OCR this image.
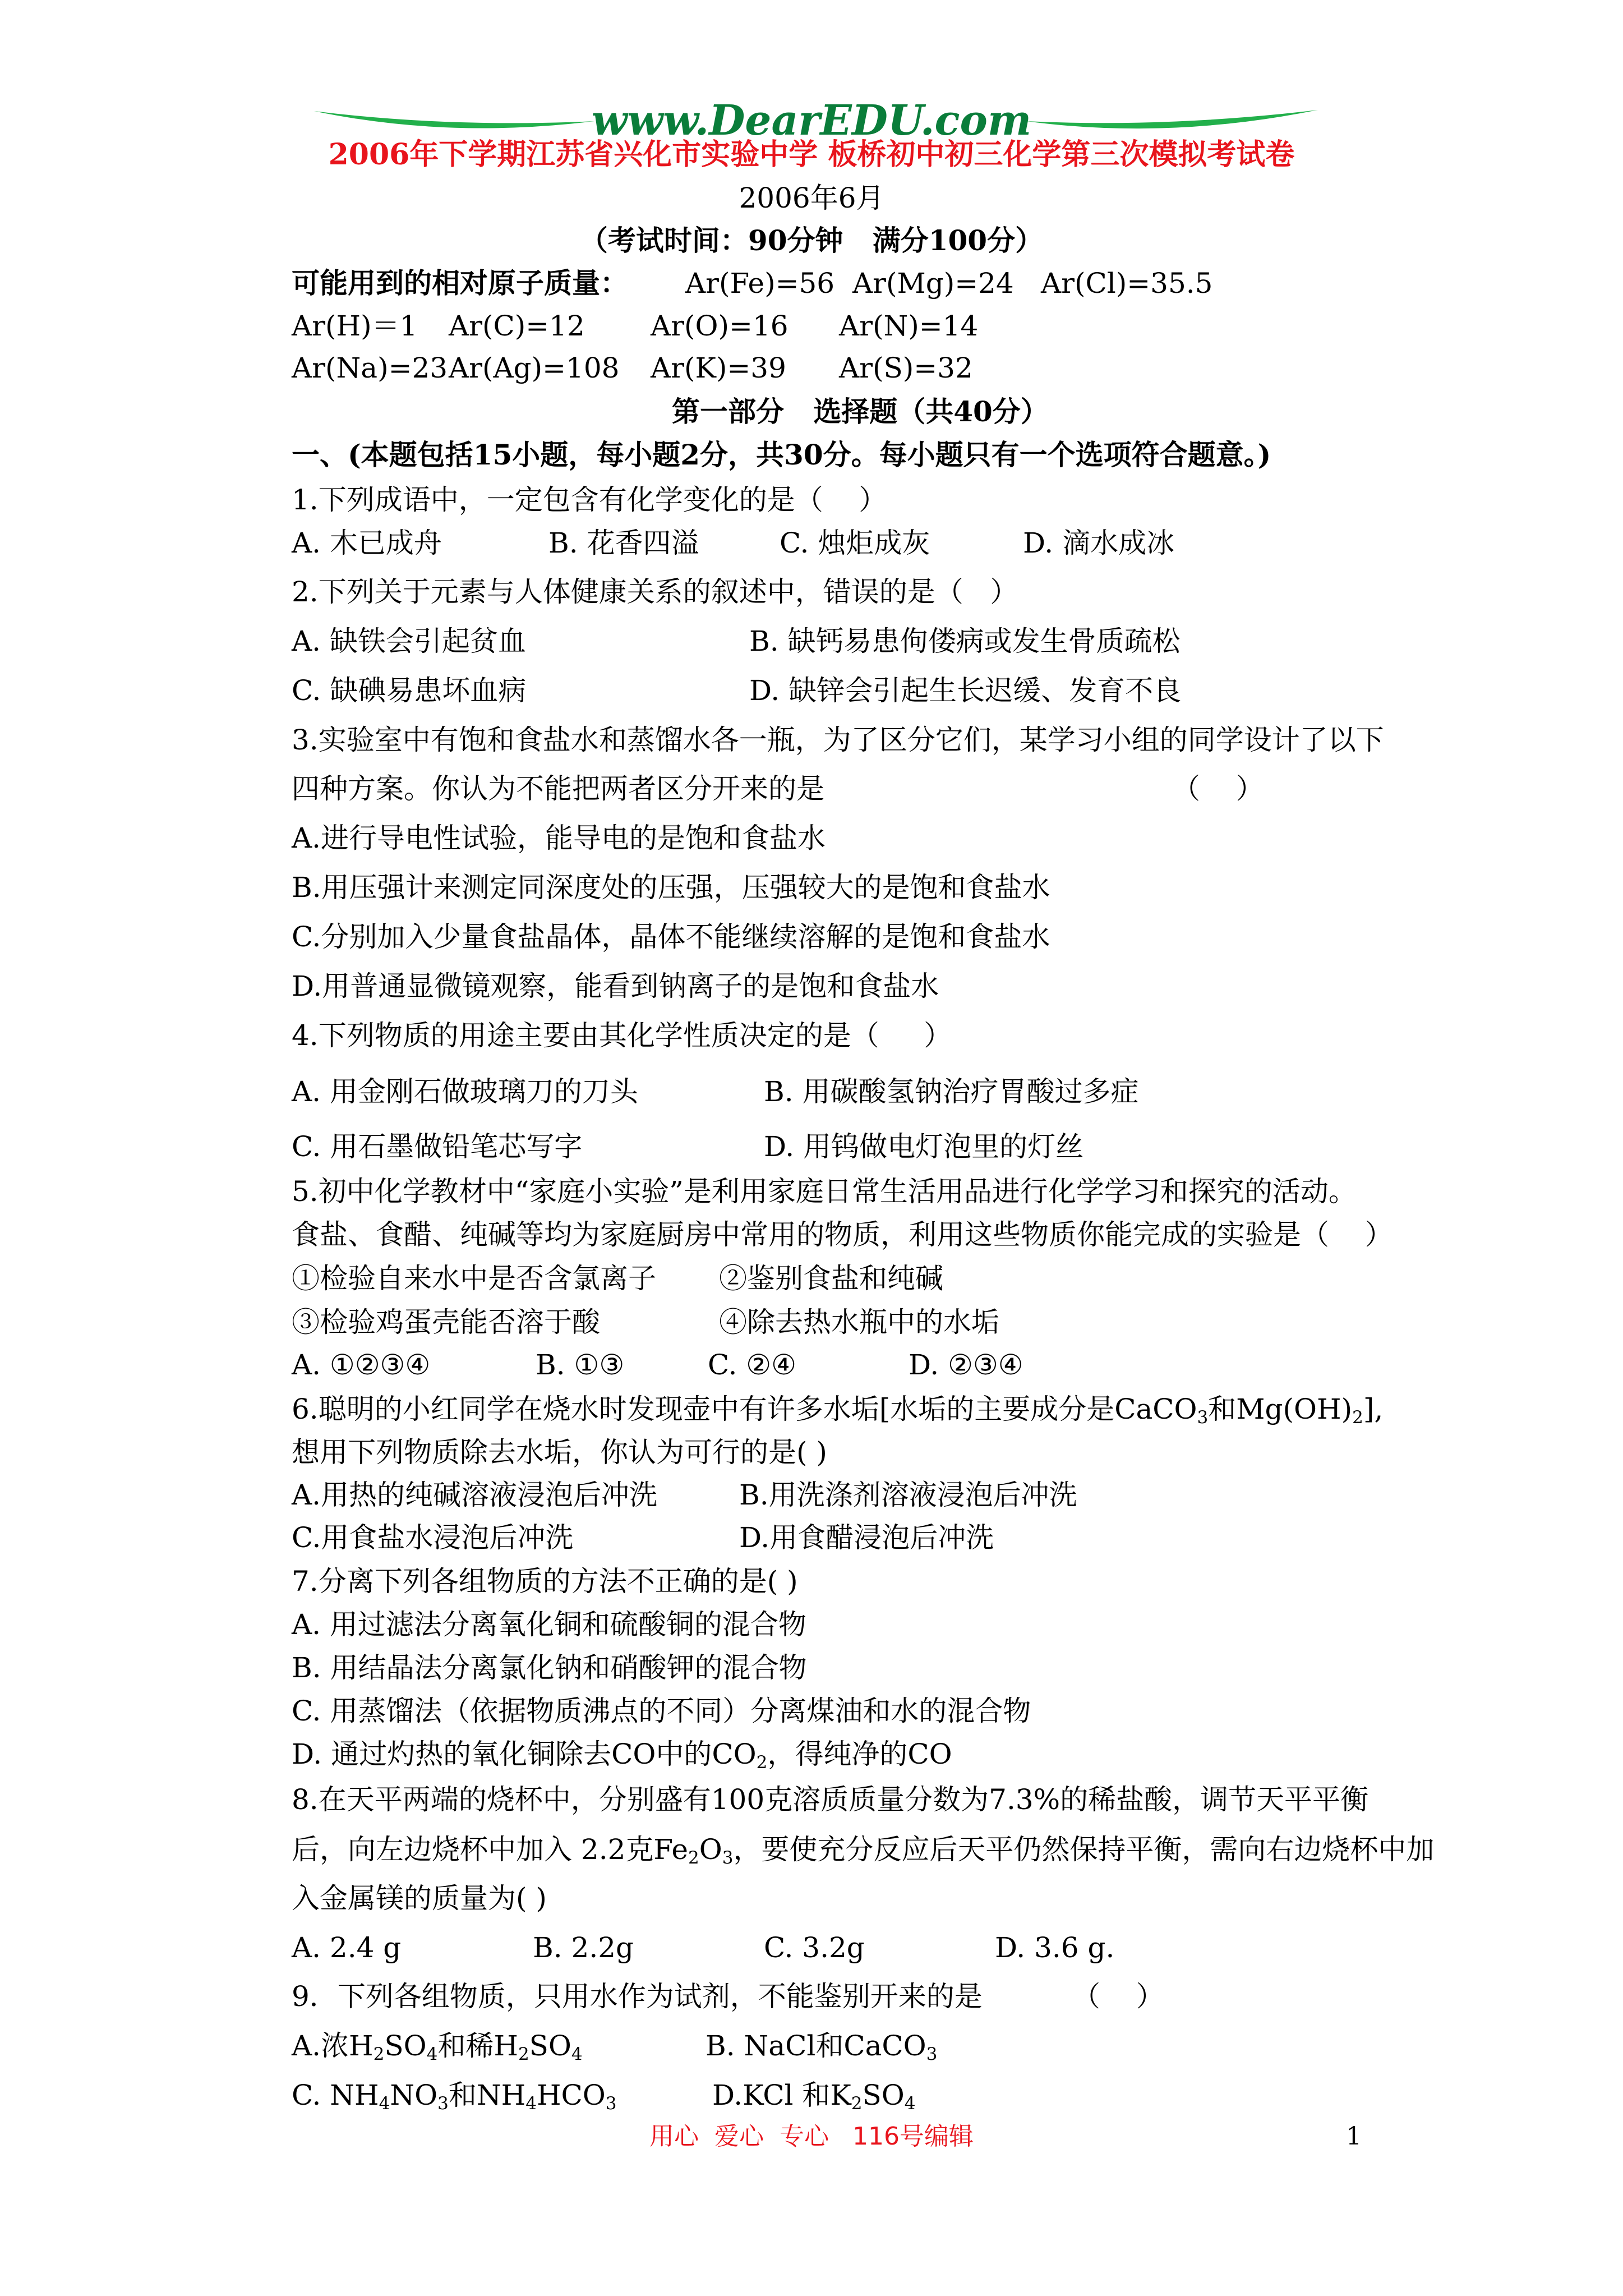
www.DearEDU.com
2006年下学期江苏省兴化市实验中学 板桥初中初三化学第三次模拟考试卷
2006年6月
（考试时间：90分钟   满分100分）
可能用到的相对原子质量： Ar(Fe)=56 Ar(Mg)=24 Ar(Cl)=35.5
Ar(H)＝1 Ar(C)=12 Ar(O)=16 Ar(N)=14
Ar(Na)=23 Ar(Ag)=108 Ar(K)=39 Ar(S)=32
第一部分   选择题（共40分）
一、(本题包括15小题，每小题2分，共30分。每小题只有一个选项符合题意。)
1.下列成语中，一定包含有化学变化的是（    ）
A. 木已成舟	B. 花香四溢	C. 烛炬成灰	D. 滴水成冰
2.下列关于元素与人体健康关系的叙述中，错误的是（   ）
A. 缺铁会引起贫血	B. 缺钙易患佝偻病或发生骨质疏松
C. 缺碘易患坏血病	D. 缺锌会引起生长迟缓、发育不良
3.实验室中有饱和食盐水和蒸馏水各一瓶，为了区分它们，某学习小组的同学设计了以下
四种方案。你认为不能把两者区分开来的是	（    ）
A.进行导电性试验，能导电的是饱和食盐水
B.用压强计来测定同深度处的压强，压强较大的是饱和食盐水
C.分别加入少量食盐晶体，晶体不能继续溶解的是饱和食盐水
D.用普通显微镜观察，能看到钠离子的是饱和食盐水
4.下列物质的用途主要由其化学性质决定的是（     ）
A. 用金刚石做玻璃刀的刀头	B. 用碳酸氢钠治疗胃酸过多症
C. 用石墨做铅笔芯写字	D. 用钨做电灯泡里的灯丝
5.初中化学教材中“家庭小实验”是利用家庭日常生活用品进行化学学习和探究的活动。
食盐、食醋、纯碱等均为家庭厨房中常用的物质，利用这些物质你能完成的实验是（    ）
①检验自来水中是否含氯离子 ②鉴别食盐和纯碱
③检验鸡蛋壳能否溶于酸	④除去热水瓶中的水垢
A. ①②③④	B. ①③	C. ②④	D. ②③④
6.聪明的小红同学在烧水时发现壶中有许多水垢[水垢的主要成分是CaCO$_3$和$Mg(OH)_2$],
想用下列物质除去水垢，你认为可行的是( )
A.用热的纯碱溶液浸泡后冲洗	B.用洗涤剂溶液浸泡后冲洗
C.用食盐水浸泡后冲洗	D.用食醋浸泡后冲洗
7.分离下列各组物质的方法不正确的是( )
A. 用过滤法分离氧化铜和硫酸铜的混合物
B. 用结晶法分离氯化钠和硝酸钾的混合物
C. 用蒸馏法（依据物质沸点的不同）分离煤油和水的混合物
D. 通过灼热的氧化铜除去CO中的$CO_2$，得纯净的CO
8.在天平两端的烧杯中，分别盛有100克溶质质量分数为7.3%的稀盐酸，调节天平平衡
后，向左边烧杯中加入 2.2克$Fe_2O_3$，要使充分反应后天平仍然保持平衡，需向右边烧杯中加
入金属镁的质量为( )
A. 2.4 g	B. 2.2g	C. 3.2g	D. 3.6 g.
9．下列各组物质，只用水作为试剂，不能鉴别开来的是	（    ）
A.浓$H_2SO_4$和稀$H_2SO_4$	B. NaCl和CaCO$_3$
C. $NH_4NO_3$和$NH_4HCO_3$	D.KCl 和$K_2SO_4$
用心  爱心  专心   116号编辑	1
